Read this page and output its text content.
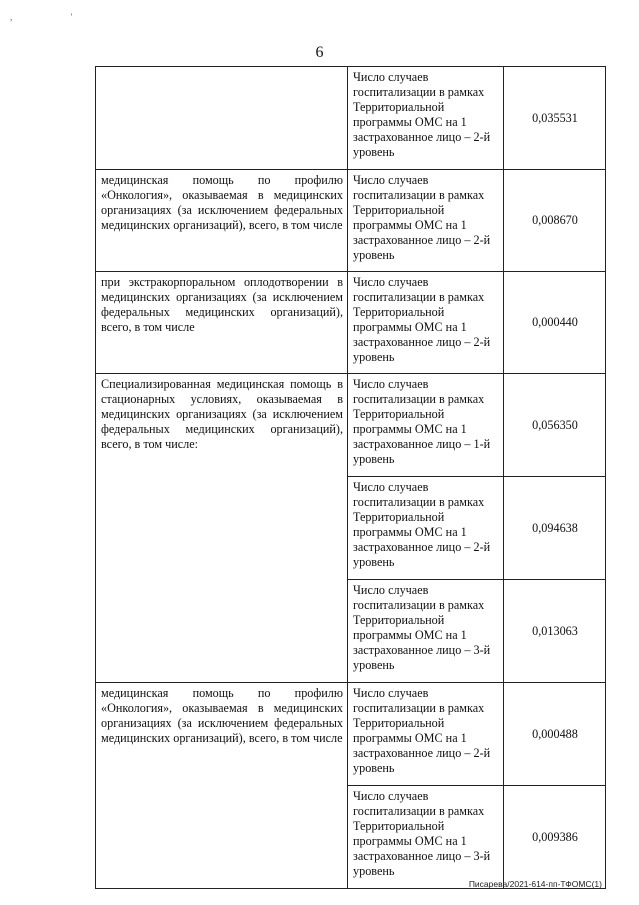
, '
6
	Число случаев госпитализации в рамках Территориальной программы ОМС на 1 застрахованное лицо – 2-й уровень	0,035531
медицинская помощь по профилю «Онкология», оказываемая в медицинских организациях (за исключением федеральных медицинских организаций), всего, в том числе	Число случаев госпитализации в рамках Территориальной программы ОМС на 1 застрахованное лицо – 2-й уровень	0,008670
при экстракорпоральном оплодотворении в медицинских организациях (за исключением федеральных медицинских организаций), всего, в том числе	Число случаев госпитализации в рамках Территориальной программы ОМС на 1 застрахованное лицо – 2-й уровень	0,000440
Специализированная медицинская помощь в стационарных условиях, оказываемая в медицинских организациях (за исключением федеральных медицинских организаций), всего, в том числе:	Число случаев госпитализации в рамках Территориальной программы ОМС на 1 застрахованное лицо – 1-й уровень	0,056350
	Число случаев госпитализации в рамках Территориальной программы ОМС на 1 застрахованное лицо – 2-й уровень	0,094638
	Число случаев госпитализации в рамках Территориальной программы ОМС на 1 застрахованное лицо – 3-й уровень	0,013063
медицинская помощь по профилю «Онкология», оказываемая в медицинских организациях (за исключением федеральных медицинских организаций), всего, в том числе	Число случаев госпитализации в рамках Территориальной программы ОМС на 1 застрахованное лицо – 2-й уровень	0,000488
	Число случаев госпитализации в рамках Территориальной программы ОМС на 1 застрахованное лицо – 3-й уровень	0,009386
Писарева/2021-614-пп-ТФОМС(1)
